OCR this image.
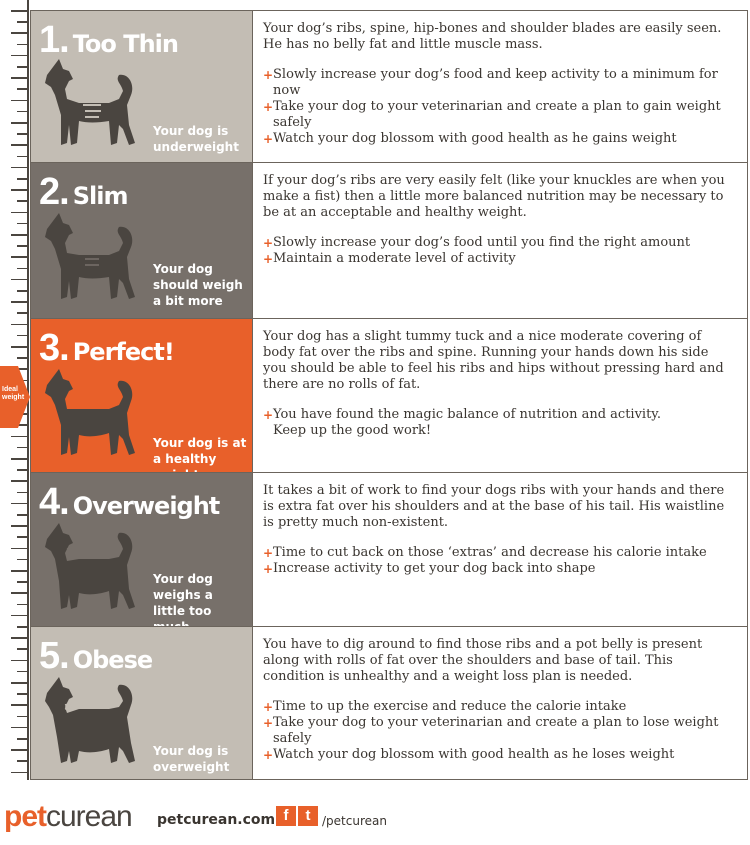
Ideal weight
1. Too Thin
Your dog is underweight

Your dog’s ribs, spine, hip-bones and shoulder blades are easily seen. He has no belly fat and little muscle mass.

+ Slowly increase your dog’s food and keep activity to a minimum for now
+ Take your dog to your veterinarian and create a plan to gain weight safely
+ Watch your dog blossom with good health as he gains weight
2. Slim
Your dog should weigh a bit more

If your dog’s ribs are very easily felt (like your knuckles are when you make a fist) then a little more balanced nutrition may be necessary to be at an acceptable and healthy weight.

+ Slowly increase your dog’s food until you find the right amount
+ Maintain a moderate level of activity
3. Perfect!
Your dog is at a healthy

Your dog has a slight tummy tuck and a nice moderate covering of body fat over the ribs and spine. Running your hands down his side you should be able to feel his ribs and hips without pressing hard and there are no rolls of fat.

+ You have found the magic balance of nutrition and activity.
Keep up the good work!
4. Overweight
Your dog weighs a little too

It takes a bit of work to find your dogs ribs with your hands and there is extra fat over his shoulders and at the base of his tail. His waistline is pretty much non-existent.

+ Time to cut back on those ‘extras’ and decrease his calorie intake
+ Increase activity to get your dog back into shape
5. Obese
Your dog is overweight

You have to dig around to find those ribs and a pot belly is present along with rolls of fat over the shoulders and base of tail. This condition is unhealthy and a weight loss plan is needed.

+ Time to up the exercise and reduce the calorie intake
+ Take your dog to your veterinarian and create a plan to lose weight safely
+ Watch your dog blossom with good health as he loses weight
petcurean petcurean.com f	t /petcurean
